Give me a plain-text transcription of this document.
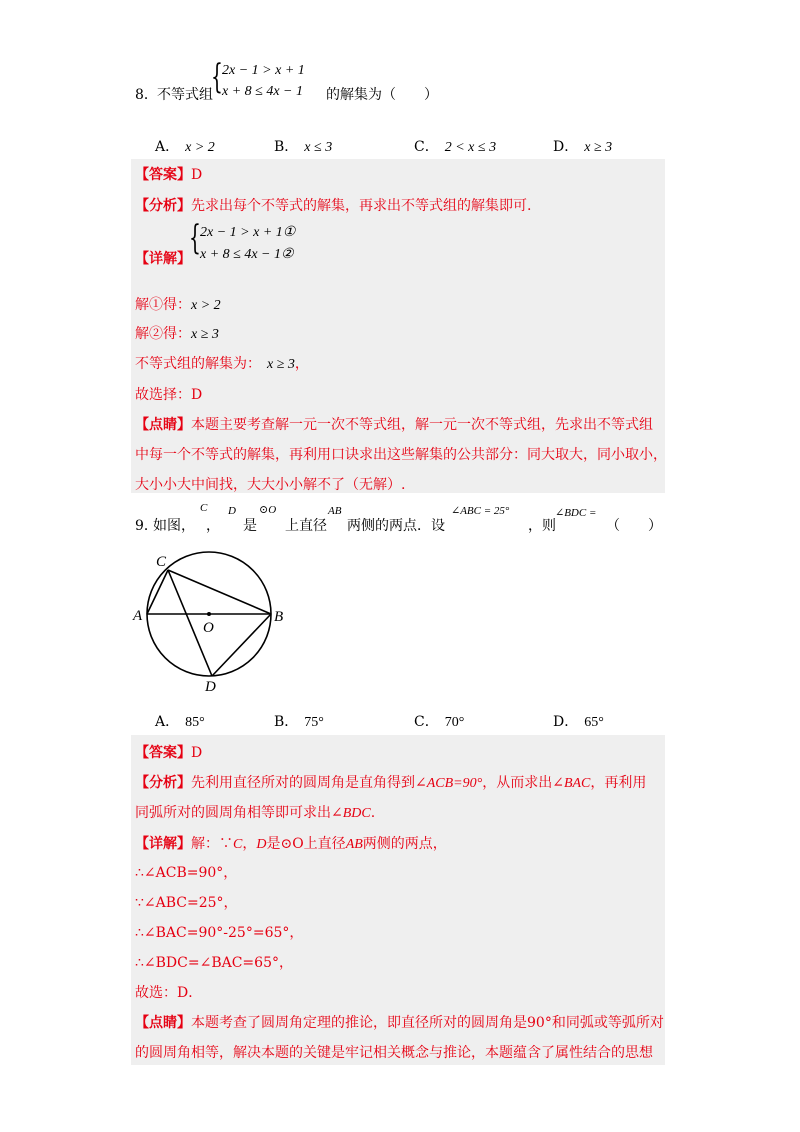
8． 不等式组
{ 2x − 1 > x + 1
x + 8 ≤ 4x − 1 的解集为（　　）
A． x > 2	B． x ≤ 3	C． 2 < x ≤ 3	D． x ≥ 3
【答案】D
【分析】先求出每个不等式的解集，再求出不等式组的解集即可.
【详解】
{ 2x − 1 > x + 1①
x + 8 ≤ 4x − 1②
解①得：x > 2
解②得：x ≥ 3
不等式组的解集为： x ≥ 3，
故选择：D
【点睛】本题主要考查解一元一次不等式组，解一元一次不等式组，先求出不等式组
中每一个不等式的解集，再利用口诀求出这些解集的公共部分：同大取大，同小取小，
大小小大中间找，大大小小解不了（无解）.
9．
如图，
C
，
D
是
⊙O
上直径
AB
两侧的两点．设
∠ABC = 25°
，则
∠BDC =
（　　）
A	B
C
D
O
A． 85°	B． 75°	C． 70°	D． 65°
【答案】D
【分析】先利用直径所对的圆周角是直角得到∠ACB=90°，从而求出∠BAC，再利用
同弧所对的圆周角相等即可求出∠BDC.
【详解】解：∵C，D是⊙O上直径AB两侧的两点，
∴∠ACB=90°，
∵∠ABC=25°，
∴∠BAC=90°-25°=65°，
∴∠BDC=∠BAC=65°，
故选：D．
【点睛】本题考查了圆周角定理的推论，即直径所对的圆周角是90°和同弧或等弧所对
的圆周角相等，解决本题的关键是牢记相关概念与推论，本题蕴含了属性结合的思想
